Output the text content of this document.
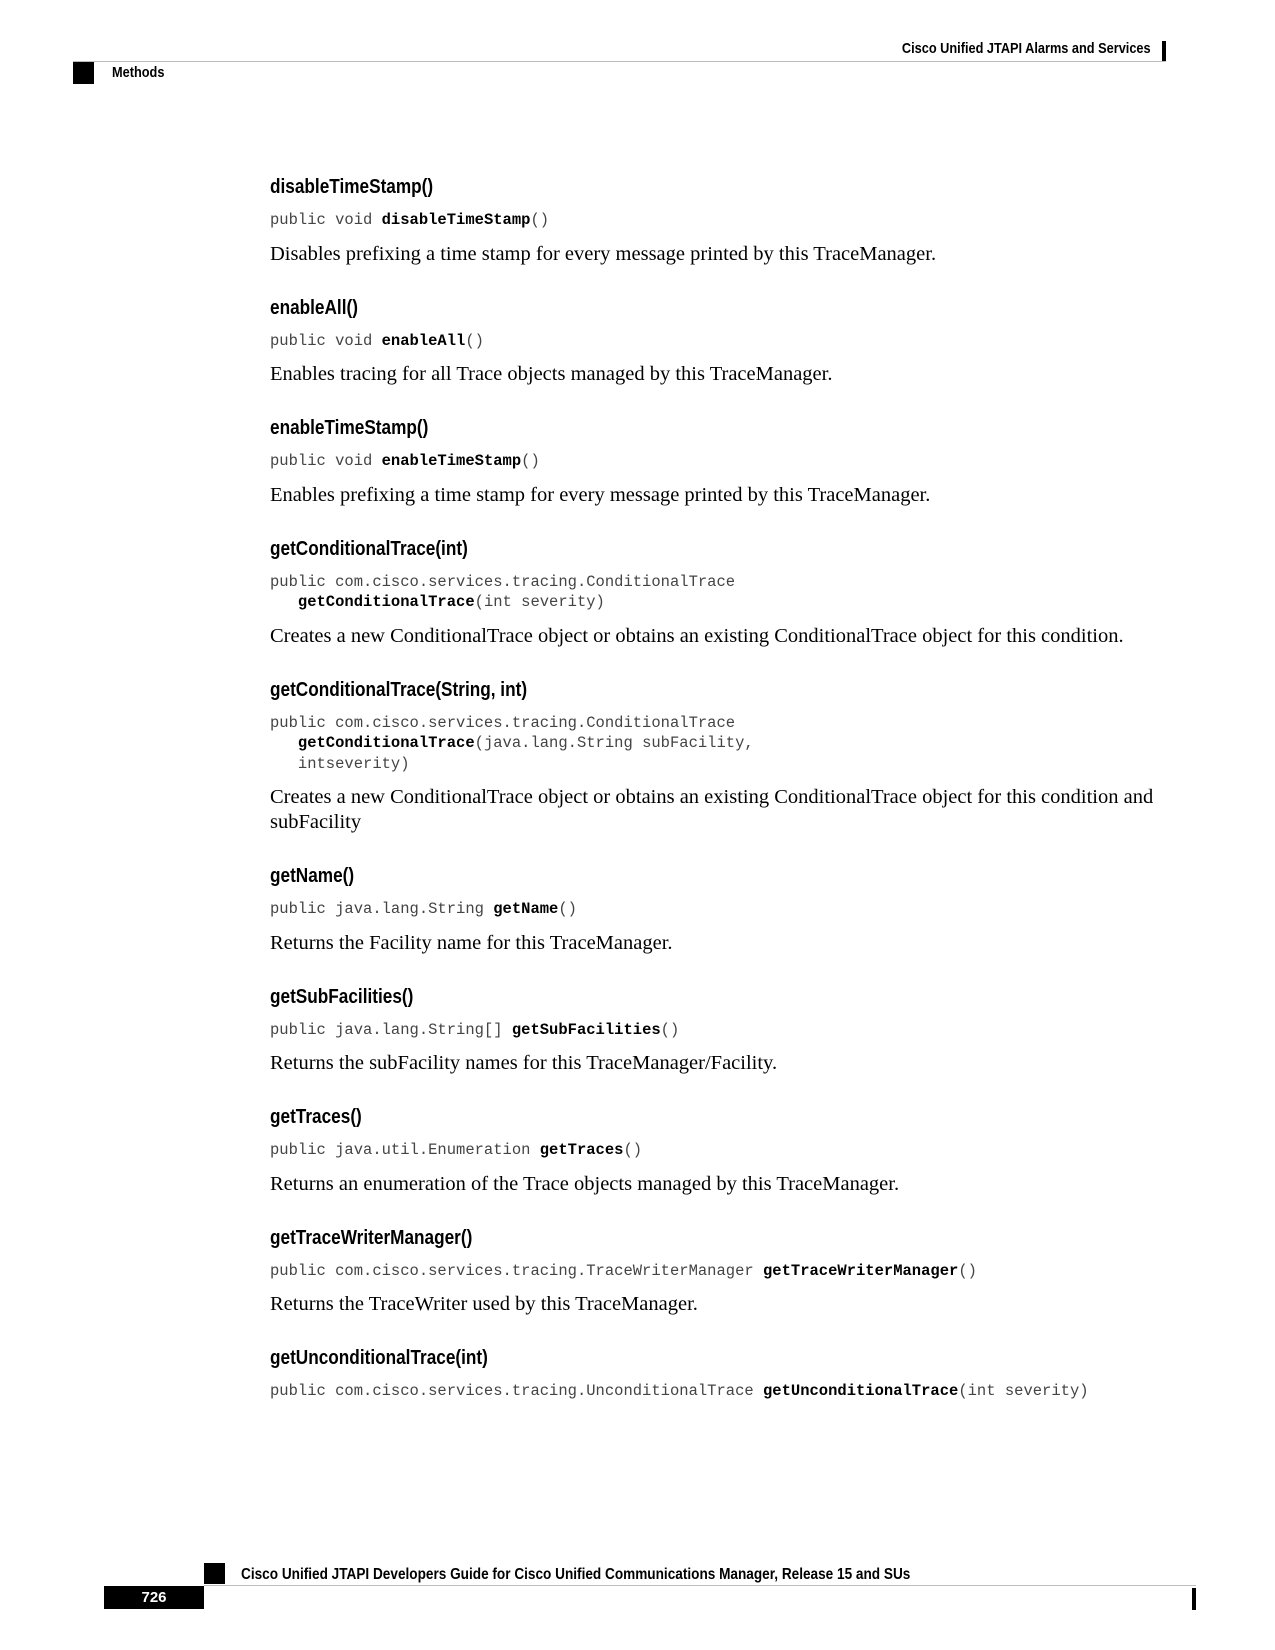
Cisco Unified JTAPI Alarms and Services
Methods
disableTimeStamp()
public void disableTimeStamp()
Disables prefixing a time stamp for every message printed by this TraceManager.
enableAll()
public void enableAll()
Enables tracing for all Trace objects managed by this TraceManager.
enableTimeStamp()
public void enableTimeStamp()
Enables prefixing a time stamp for every message printed by this TraceManager.
getConditionalTrace(int)
public com.cisco.services.tracing.ConditionalTrace
getConditionalTrace(int severity)
Creates a new ConditionalTrace object or obtains an existing ConditionalTrace object for this condition.
getConditionalTrace(String, int)
public com.cisco.services.tracing.ConditionalTrace
getConditionalTrace(java.lang.String subFacility,
intseverity)
Creates a new ConditionalTrace object or obtains an existing ConditionalTrace object for this condition and subFacility
getName()
public java.lang.String getName()
Returns the Facility name for this TraceManager.
getSubFacilities()
public java.lang.String[] getSubFacilities()
Returns the subFacility names for this TraceManager/Facility.
getTraces()
public java.util.Enumeration getTraces()
Returns an enumeration of the Trace objects managed by this TraceManager.
getTraceWriterManager()
public com.cisco.services.tracing.TraceWriterManager getTraceWriterManager()
Returns the TraceWriter used by this TraceManager.
getUnconditionalTrace(int)
public com.cisco.services.tracing.UnconditionalTrace getUnconditionalTrace(int severity)
Cisco Unified JTAPI Developers Guide for Cisco Unified Communications Manager, Release 15 and SUs
726
